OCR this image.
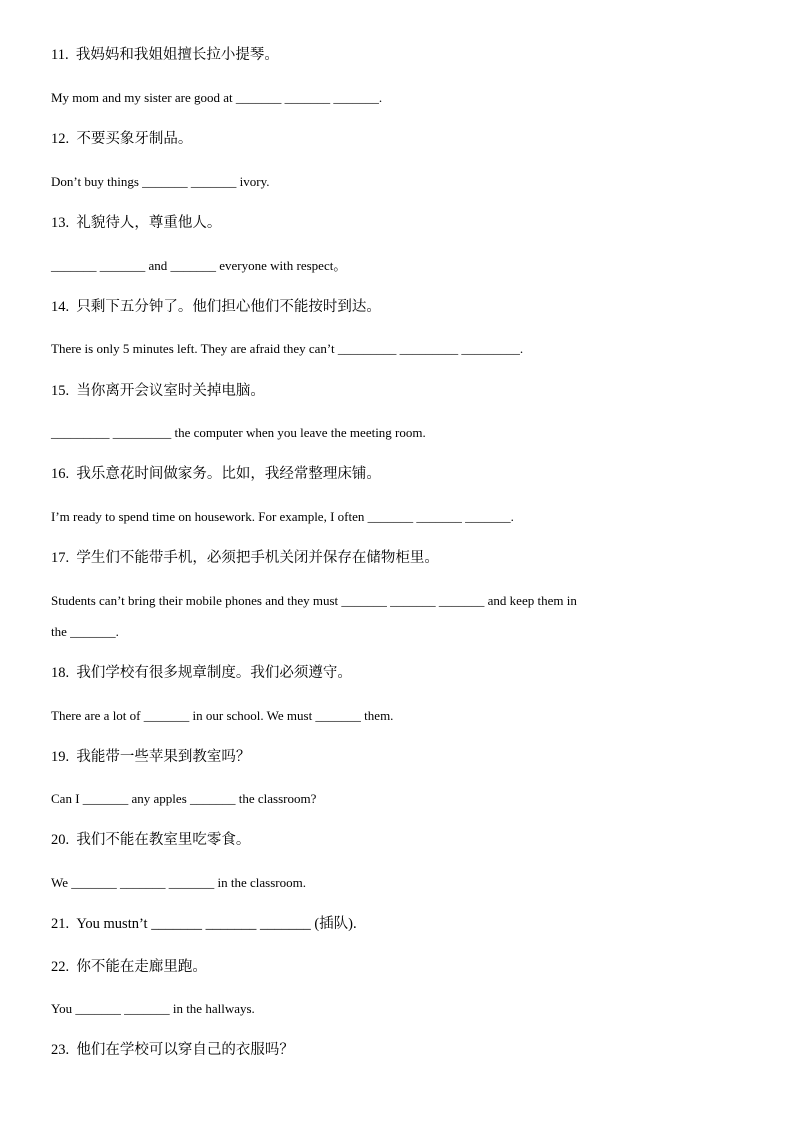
11. 我妈妈和我姐姐擅长拉小提琴。
My mom and my sister are good at _______ _______ _______.
12. 不要买象牙制品。
Don’t buy things _______ _______ ivory.
13. 礼貌待人，尊重他人。
_______ _______ and _______ everyone with respect。
14. 只剩下五分钟了。他们担心他们不能按时到达。
There is only 5 minutes left. They are afraid they can’t _________ _________ _________.
15. 当你离开会议室时关掉电脑。
_________ _________ the computer when you leave the meeting room.
16. 我乐意花时间做家务。比如，我经常整理床铺。
I’m ready to spend time on housework. For example, I often _______ _______ _______.
17. 学生们不能带手机，必须把手机关闭并保存在储物柜里。
Students can’t bring their mobile phones and they must _______ _______ _______ and keep them in
the _______.
18. 我们学校有很多规章制度。我们必须遵守。
There are a lot of _______ in our school. We must _______ them.
19. 我能带一些苹果到教室吗？
Can I _______ any apples _______ the classroom?
20. 我们不能在教室里吃零食。
We _______ _______ _______ in the classroom.
21. You mustn’t _______ _______ _______ (插队).
22. 你不能在走廊里跑。
You _______ _______ in the hallways.
23. 他们在学校可以穿自己的衣服吗？
